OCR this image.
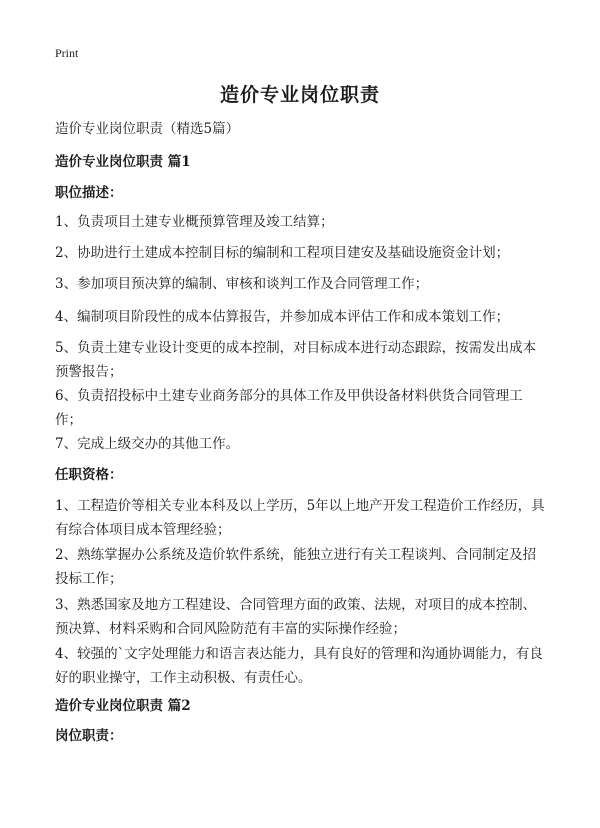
Print
造价专业岗位职责
造价专业岗位职责（精选5篇）
造价专业岗位职责 篇1
职位描述：
1、负责项目土建专业概预算管理及竣工结算；
2、协助进行土建成本控制目标的编制和工程项目建安及基础设施资金计划；
3、参加项目预决算的编制、审核和谈判工作及合同管理工作；
4、编制项目阶段性的成本估算报告，并参加成本评估工作和成本策划工作；
5、负责土建专业设计变更的成本控制，对目标成本进行动态跟踪，按需发出成本预警报告；
6、负责招投标中土建专业商务部分的具体工作及甲供设备材料供货合同管理工作；
7、完成上级交办的其他工作。
任职资格：
1、工程造价等相关专业本科及以上学历，5年以上地产开发工程造价工作经历，具有综合体项目成本管理经验；
2、熟练掌握办公系统及造价软件系统，能独立进行有关工程谈判、合同制定及招投标工作；
3、熟悉国家及地方工程建设、合同管理方面的政策、法规，对项目的成本控制、预决算、材料采购和合同风险防范有丰富的实际操作经验；
4、较强的`文字处理能力和语言表达能力，具有良好的管理和沟通协调能力，有良好的职业操守，工作主动积极、有责任心。
造价专业岗位职责 篇2
岗位职责：
